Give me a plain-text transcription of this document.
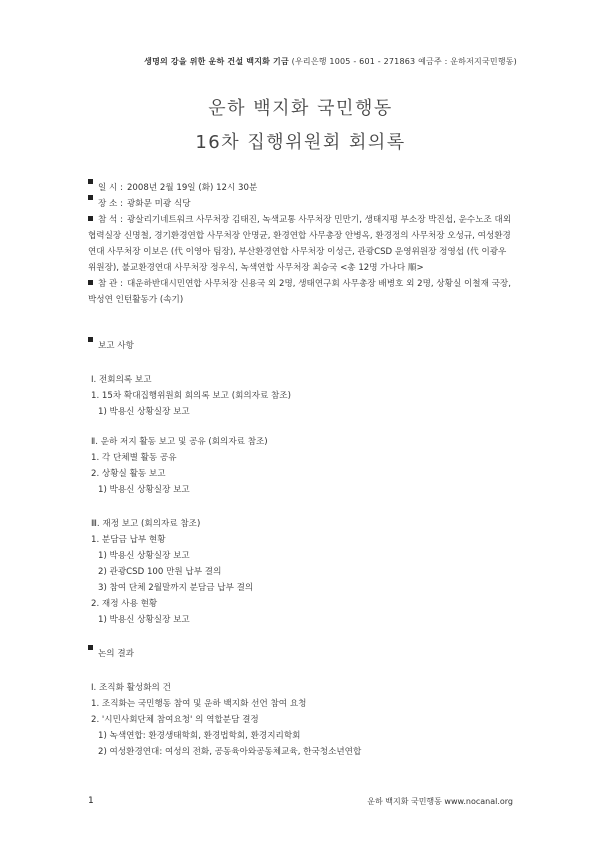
생명의 강을 위한 운하 건설 백지화 기금 (우리은행 1005 - 601 - 271863 예금주 : 운하저지국민행동)
운하 백지화 국민행동
16차 집행위원회 회의록
일 시 : 2008년 2월 19일 (화) 12시 30분
장 소 : 광화문 미광 식당
참 석 : 광살리기네트워크 사무처장 김태진, 녹색교통 사무처장 민만기, 생태지평 부소장 박진섭, 운수노조 대외협력실장 신명철, 경기환경연합 사무처장 안명균, 환경연합 사무총장 안병옥, 환경정의 사무처장 오성규, 여성환경연대 사무처장 이보은 (代 이영아 팀장), 부산환경연합 사무처장 이성근, 관광CSD 운영위원장 정영섭 (代 이광우 위원장), 불교환경연대 사무처장 정우식, 녹색연합 사무처장 최승국 <총 12명 가나다 順>
참 관 : 대운하반대시민연합 사무처장 신용국 외 2명, 생태연구회 사무총장 배병호 외 2명, 상황실 이철재 국장, 박성연 인턴활동가 (속기)
보고 사항
Ⅰ. 전회의록 보고
1. 15차 확대집행위원회 회의록 보고 (회의자료 참조)
1) 박용신 상황실장 보고
Ⅱ. 운하 저지 활동 보고 및 공유 (회의자료 참조)
1. 각 단체별 활동 공유
2. 상황실 활동 보고
1) 박용신 상황실장 보고
Ⅲ. 재정 보고 (회의자료 참조)
1. 분담금 납부 현황
1) 박용신 상황실장 보고
2) 관광CSD 100 만원 납부 결의
3) 참여 단체 2월말까지 분담금 납부 결의
2. 재정 사용 현황
1) 박용신 상황실장 보고
논의 결과
Ⅰ. 조직화 활성화의 건
1. 조직화는 국민행동 참여 및 운하 백지화 선언 참여 요청
2. '시민사회단체 참여요청' 의 역할분담 결정
1) 녹색연합: 환경생태학회, 환경법학회, 환경지리학회
2) 여성환경연대: 여성의 전화, 공동육아와공동체교육, 한국청소년연합
1	운하 백지화 국민행동 www.nocanal.org
